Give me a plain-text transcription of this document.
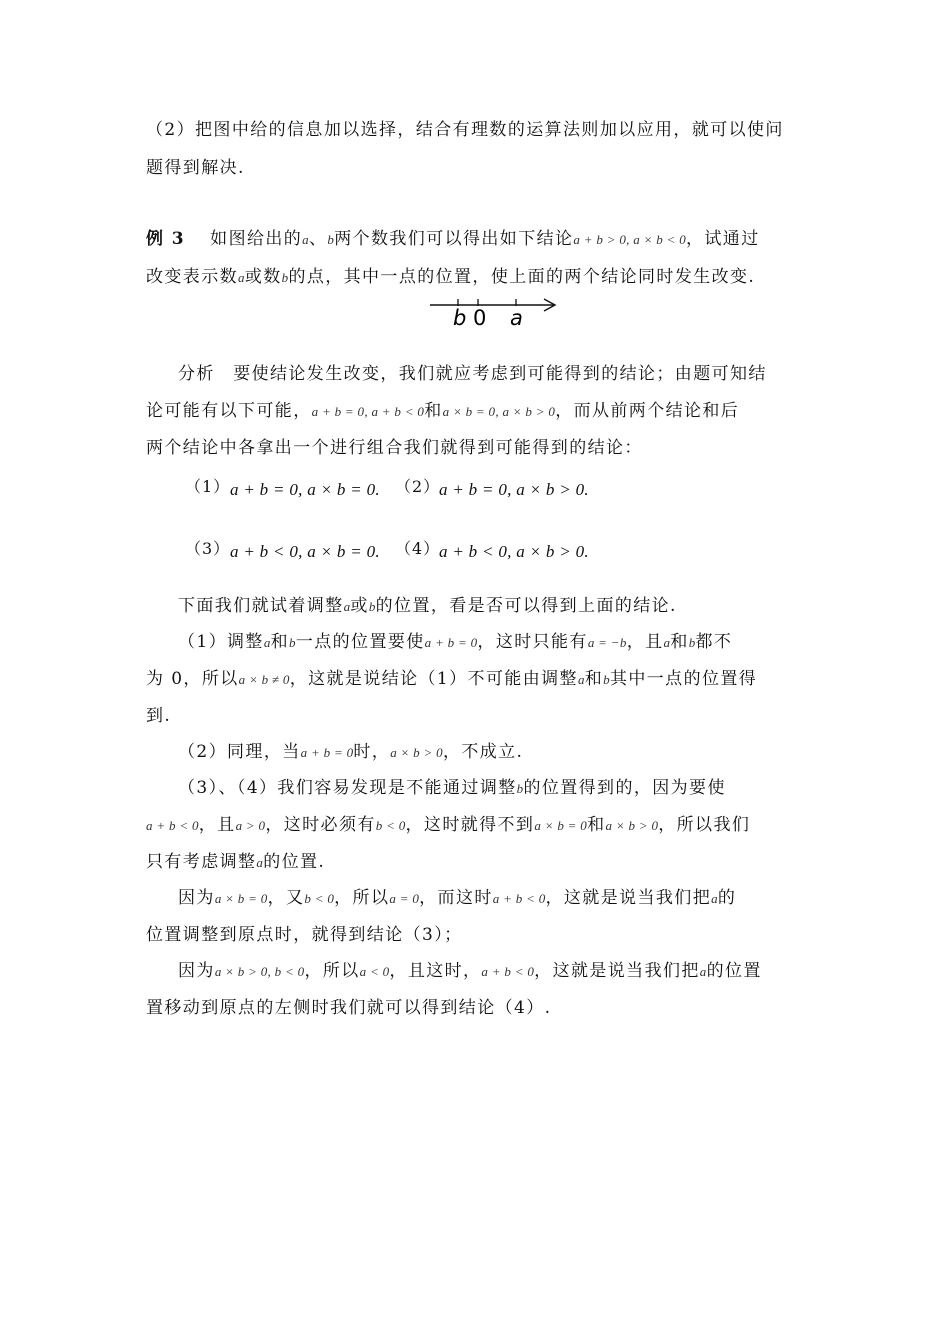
（2）把图中给的信息加以选择，结合有理数的运算法则加以应用，就可以使问
题得到解决.
例 3　 如图给出的a、b两个数我们可以得出如下结论a + b > 0, a × b < 0，试通过
改变表示数a或数b的点，其中一点的位置，使上面的两个结论同时发生改变.
b 0 a
分析　要使结论发生改变，我们就应考虑到可能得到的结论；由题可知结
论可能有以下可能，a + b = 0, a + b < 0和a × b = 0, a × b > 0，而从前两个结论和后
两个结论中各拿出一个进行组合我们就得到可能得到的结论：
（1） a + b = 0, a × b = 0. （2）
a + b = 0, a × b > 0.
（3） a + b < 0, a × b = 0. （4）
a + b < 0, a × b > 0.
下面我们就试着调整a或b的位置，看是否可以得到上面的结论.
（1）调整a和b一点的位置要使a + b = 0，这时只能有a = −b，且a和b都不
为 0，所以a × b ≠ 0，这就是说结论（1）不可能由调整a和b其中一点的位置得
到.
（2）同理，当a + b = 0时，a × b > 0，不成立.
（3）、（4）我们容易发现是不能通过调整b的位置得到的，因为要使
a + b < 0，且a > 0，这时必须有b < 0，这时就得不到a × b = 0和a × b > 0，所以我们
只有考虑调整a的位置.
因为a × b = 0，又b < 0，所以a = 0，而这时a + b < 0，这就是说当我们把a的
位置调整到原点时，就得到结论（3）；
因为a × b > 0, b < 0，所以a < 0，且这时，a + b < 0，这就是说当我们把a的位置
置移动到原点的左侧时我们就可以得到结论（4）.
